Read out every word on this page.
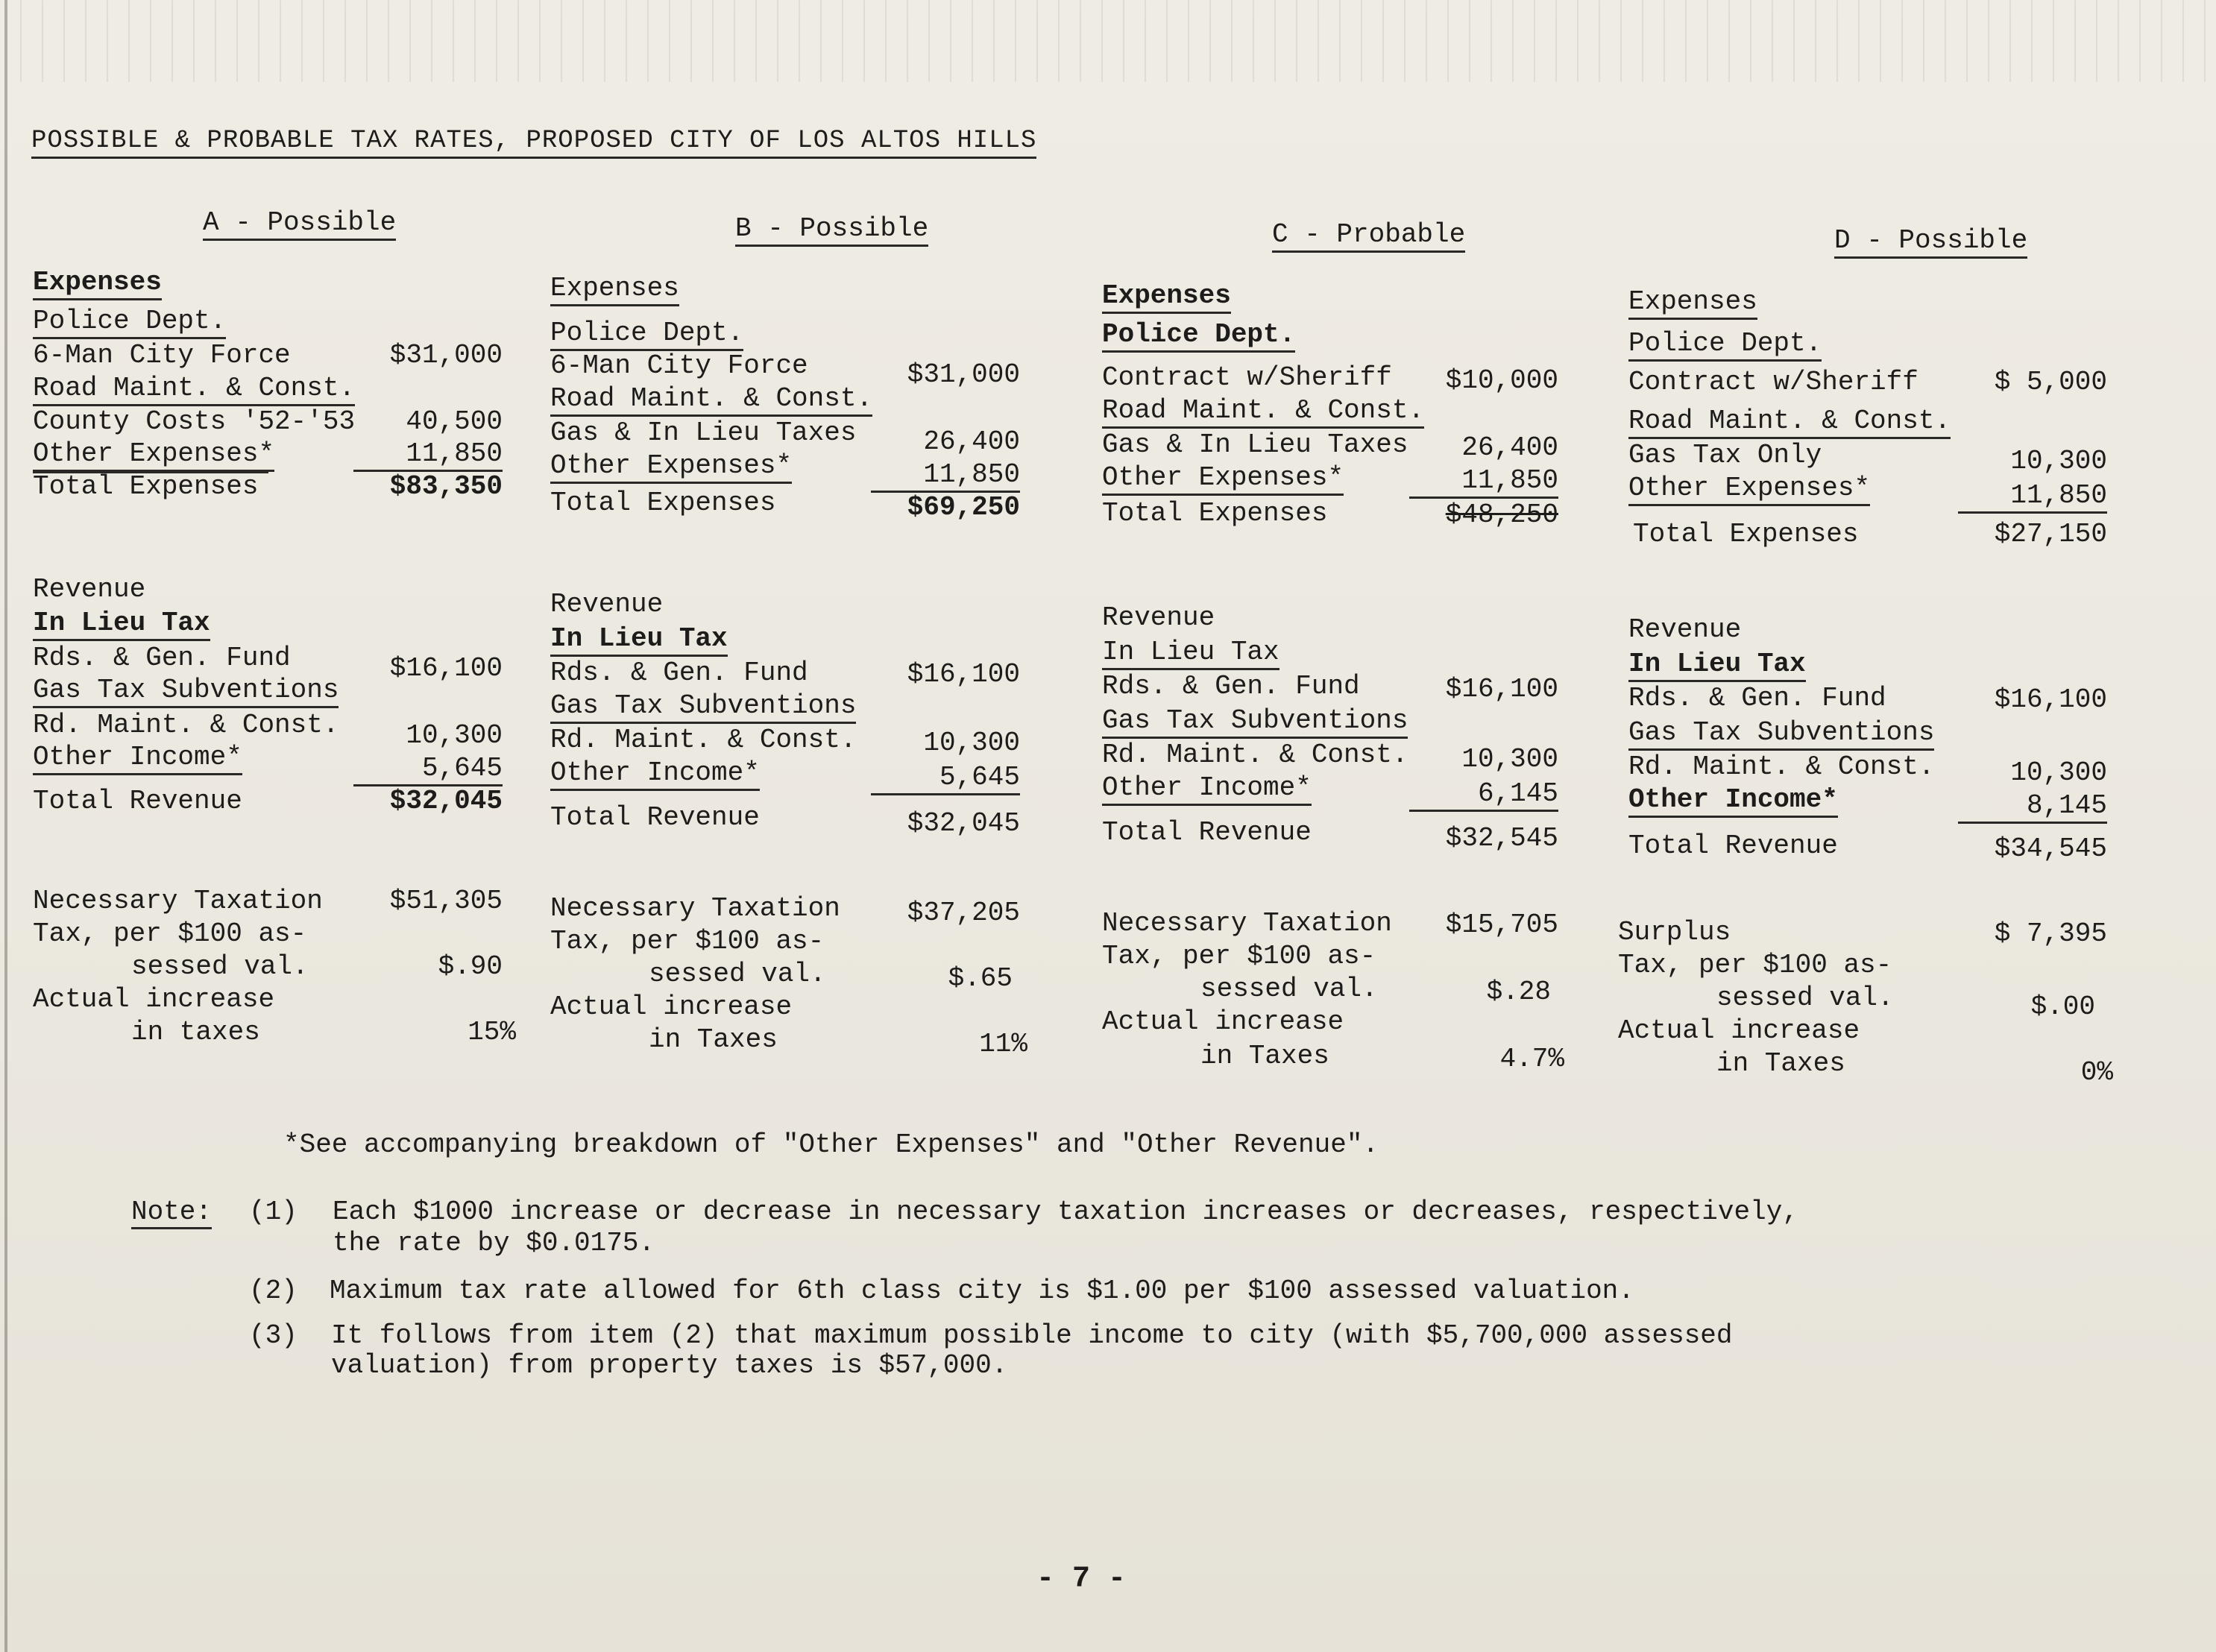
POSSIBLE & PROBABLE TAX RATES, PROPOSED CITY OF LOS ALTOS HILLS
A - Possible
Expenses
Police Dept.
6-Man City Force	$31,000
Road Maint. & Const.
County Costs '52-'53	40,500
Other Expenses*	11,850
Total Expenses	$83,350
Revenue
In Lieu Tax
Rds. & Gen. Fund	$16,100
Gas Tax Subventions
Rd. Maint. & Const.	10,300
Other Income*	5,645
Total Revenue	$32,045
Necessary Taxation	$51,305
Tax, per $100 as-
sessed val.	$.90
Actual increase
in taxes	15%
B - Possible
Expenses
Police Dept.
6-Man City Force	$31,000
Road Maint. & Const.
Gas & In Lieu Taxes	26,400
Other Expenses*	11,850
Total Expenses	$69,250
Revenue
In Lieu Tax
Rds. & Gen. Fund	$16,100
Gas Tax Subventions
Rd. Maint. & Const.	10,300
Other Income*	5,645
Total Revenue	$32,045
Necessary Taxation	$37,205
Tax, per $100 as-
sessed val.	$.65
Actual increase
in Taxes	11%
C - Probable
Expenses
Police Dept.
Contract w/Sheriff	$10,000
Road Maint. & Const.
Gas & In Lieu Taxes	26,400
Other Expenses*	11,850
Total Expenses	$48,250
Revenue
In Lieu Tax
Rds. & Gen. Fund	$16,100
Gas Tax Subventions
Rd. Maint. & Const.	10,300
Other Income*	6,145
Total Revenue	$32,545
Necessary Taxation	$15,705
Tax, per $100 as-
sessed val.	$.28
Actual increase
in Taxes	4.7%
D - Possible
Expenses
Police Dept.
Contract w/Sheriff	$ 5,000
Road Maint. & Const.
Gas Tax Only	10,300
Other Expenses*	11,850
Total Expenses	$27,150
Revenue
In Lieu Tax
Rds. & Gen. Fund	$16,100
Gas Tax Subventions
Rd. Maint. & Const.	10,300
Other Income*	8,145
Total Revenue	$34,545
Surplus	$ 7,395
Tax, per $100 as-
sessed val.	$.00
Actual increase
in Taxes	0%
*See accompanying breakdown of "Other Expenses" and "Other Revenue".
Note: (1) Each $1000 increase or decrease in necessary taxation increases or decreases, respectively,
the rate by $0.0175.
(2) Maximum tax rate allowed for 6th class city is $1.00 per $100 assessed valuation.
(3) It follows from item (2) that maximum possible income to city (with $5,700,000 assessed
valuation) from property taxes is $57,000.
- 7 -
